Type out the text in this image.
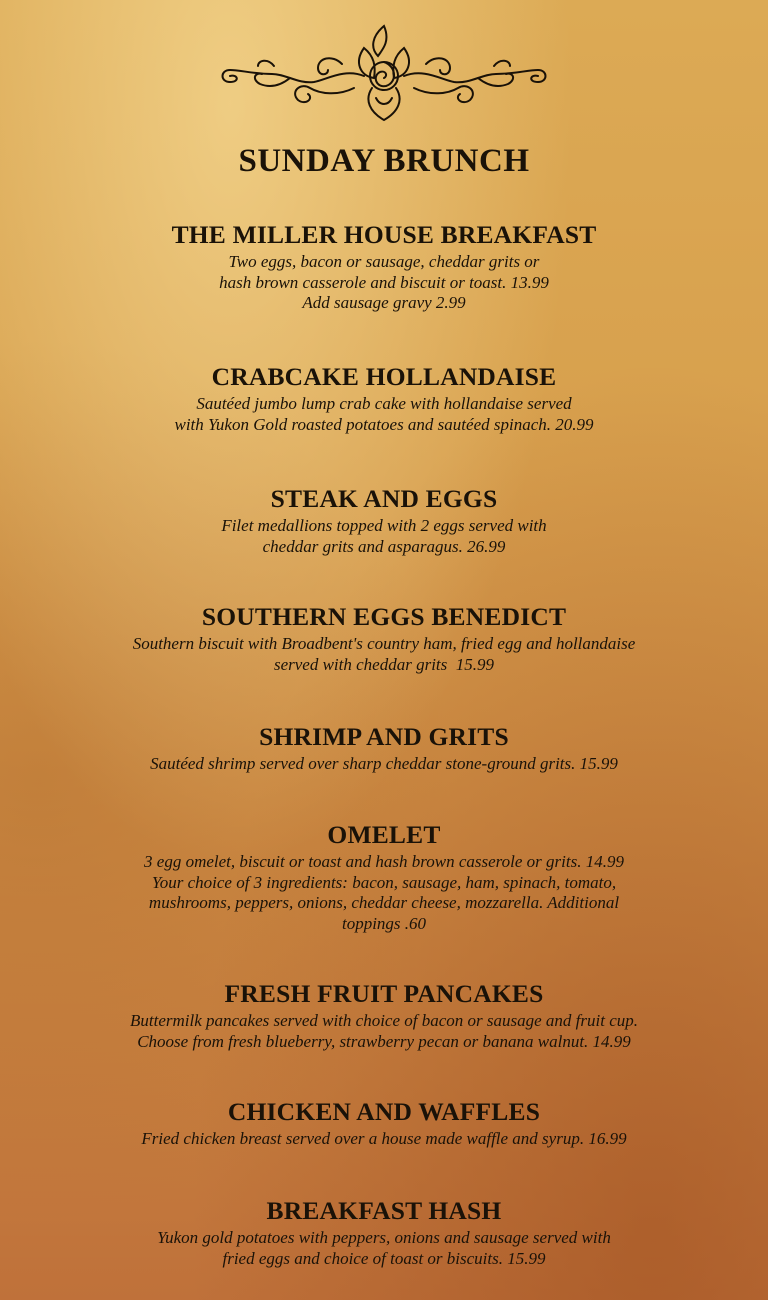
SUNDAY BRUNCH
THE MILLER HOUSE BREAKFAST

Two eggs, bacon or sausage, cheddar grits or
hash brown casserole and biscuit or toast. 13.99
Add sausage gravy 2.99

CRABCAKE HOLLANDAISE

Sautéed jumbo lump crab cake with hollandaise served
with Yukon Gold roasted potatoes and sautéed spinach. 20.99

STEAK AND EGGS

Filet medallions topped with 2 eggs served with
cheddar grits and asparagus. 26.99

SOUTHERN EGGS BENEDICT

Southern biscuit with Broadbent's country ham, fried egg and hollandaise
served with cheddar grits  15.99

SHRIMP AND GRITS

Sautéed shrimp served over sharp cheddar stone-ground grits. 15.99

OMELET

3 egg omelet, biscuit or toast and hash brown casserole or grits. 14.99
Your choice of 3 ingredients: bacon, sausage, ham, spinach, tomato,
mushrooms, peppers, onions, cheddar cheese, mozzarella. Additional
toppings .60

FRESH FRUIT PANCAKES

Buttermilk pancakes served with choice of bacon or sausage and fruit cup.
Choose from fresh blueberry, strawberry pecan or banana walnut. 14.99

CHICKEN AND WAFFLES

Fried chicken breast served over a house made waffle and syrup. 16.99

BREAKFAST HASH

Yukon gold potatoes with peppers, onions and sausage served with
fried eggs and choice of toast or biscuits. 15.99
